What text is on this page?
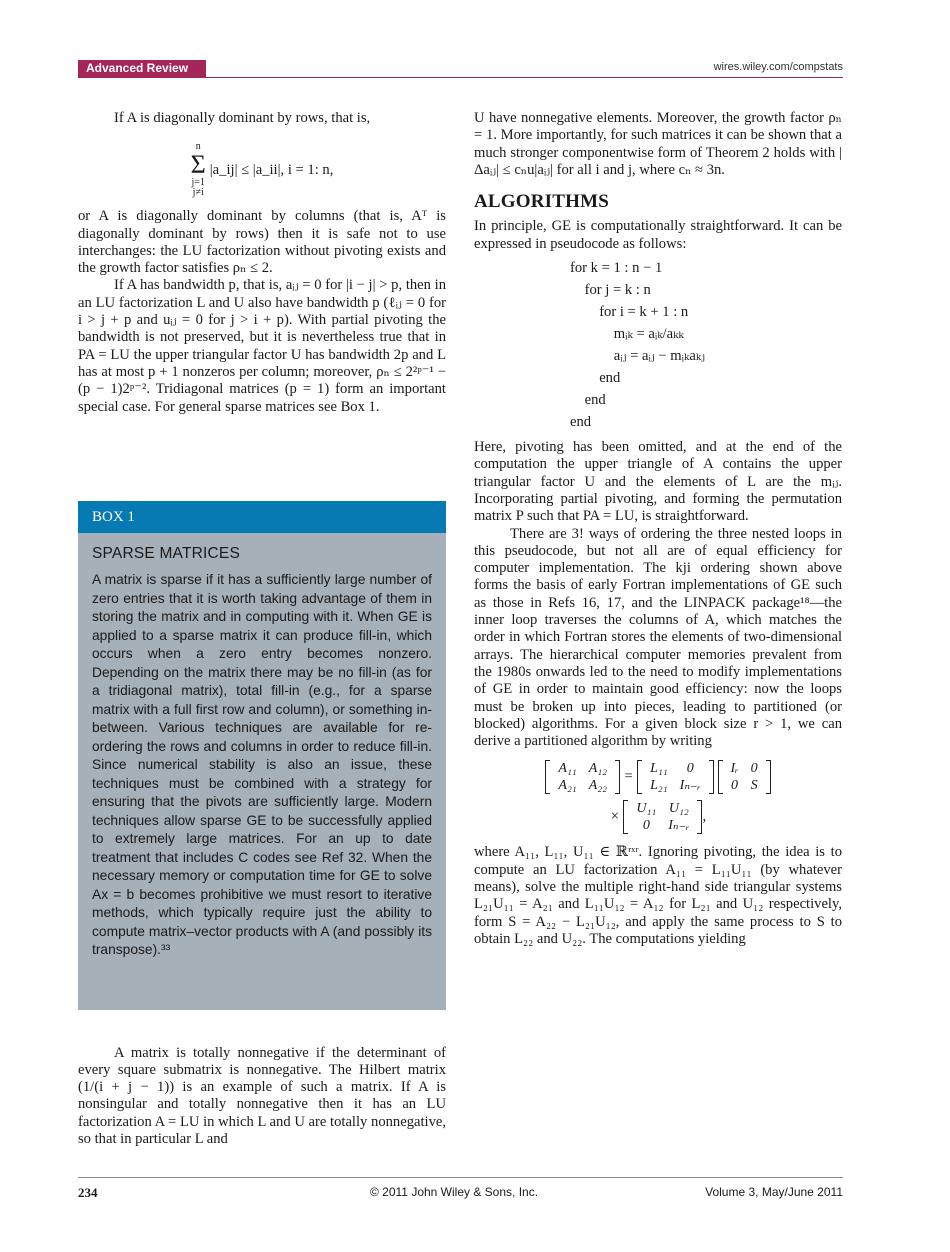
Advanced Review	wires.wiley.com/compstats

If A is diagonally dominant by rows, that is,

n
Σ
j=1
j≠i
|a_ij| ≤ |a_ii|, i = 1: n,

or A is diagonally dominant by columns (that is, Aᵀ is diagonally dominant by rows) then it is safe not to use interchanges: the LU factorization without pivoting exists and the growth factor satisfies ρₙ ≤ 2.

If A has bandwidth p, that is, aᵢⱼ = 0 for |i − j| > p, then in an LU factorization L and U also have bandwidth p (ℓᵢⱼ = 0 for i > j + p and uᵢⱼ = 0 for j > i + p). With partial pivoting the bandwidth is not preserved, but it is nevertheless true that in PA = LU the upper triangular factor U has bandwidth 2p and L has at most p + 1 nonzeros per column; moreover, ρₙ ≤ 2²ᵖ⁻¹ − (p − 1)2ᵖ⁻². Tridiagonal matrices (p = 1) form an important special case. For general sparse matrices see Box 1.

BOX 1
SPARSE MATRICES
A matrix is sparse if it has a sufficiently large number of zero entries that it is worth taking advantage of them in storing the matrix and in computing with it. When GE is applied to a sparse matrix it can produce fill-in, which occurs when a zero entry becomes nonzero. Depending on the matrix there may be no fill-in (as for a tridiagonal matrix), total fill-in (e.g., for a sparse matrix with a full first row and column), or something in-between. Various techniques are available for re-ordering the rows and columns in order to reduce fill-in. Since numerical stability is also an issue, these techniques must be combined with a strategy for ensuring that the pivots are sufficiently large. Modern techniques allow sparse GE to be successfully applied to extremely large matrices. For an up to date treatment that includes C codes see Ref 32. When the necessary memory or computation time for GE to solve Ax = b becomes prohibitive we must resort to iterative methods, which typically require just the ability to compute matrix–vector products with A (and possibly its transpose).³³

A matrix is totally nonnegative if the determinant of every square submatrix is nonnegative. The Hilbert matrix (1/(i + j − 1)) is an example of such a matrix. If A is nonsingular and totally nonnegative then it has an LU factorization A = LU in which L and U are totally nonnegative, so that in particular L and

U have nonnegative elements. Moreover, the growth factor ρₙ = 1. More importantly, for such matrices it can be shown that a much stronger componentwise form of Theorem 2 holds with |Δaᵢⱼ| ≤ cₙu|aᵢⱼ| for all i and j, where cₙ ≈ 3n.

ALGORITHMS

In principle, GE is computationally straightforward. It can be expressed in pseudocode as follows:

for k = 1 : n − 1
for j = k : n
for i = k + 1 : n
mᵢₖ = aᵢₖ/aₖₖ
aᵢⱼ = aᵢⱼ − mᵢₖaₖⱼ
end
end
end

Here, pivoting has been omitted, and at the end of the computation the upper triangle of A contains the upper triangular factor U and the elements of L are the mᵢⱼ. Incorporating partial pivoting, and forming the permutation matrix P such that PA = LU, is straightforward.

There are 3! ways of ordering the three nested loops in this pseudocode, but not all are of equal efficiency for computer implementation. The kji ordering shown above forms the basis of early Fortran implementations of GE such as those in Refs 16, 17, and the LINPACK package¹⁸—the inner loop traverses the columns of A, which matches the order in which Fortran stores the elements of two-dimensional arrays. The hierarchical computer memories prevalent from the 1980s onwards led to the need to modify implementations of GE in order to maintain good efficiency: now the loops must be broken up into pieces, leading to partitioned (or blocked) algorithms. For a given block size r > 1, we can derive a partitioned algorithm by writing

A₁₁	A₁₂
A₂₁	A₂₂
= L₁₁	0
L₂₁	Iₙ₋ᵣ

Iᵣ	0
0	S
× U₁₁	U₁₂
0	Iₙ₋ᵣ
,

where A₁₁, L₁₁, U₁₁ ∈ ℝʳˣʳ. Ignoring pivoting, the idea is to compute an LU factorization A₁₁ = L₁₁U₁₁ (by whatever means), solve the multiple right-hand side triangular systems L₂₁U₁₁ = A₂₁ and L₁₁U₁₂ = A₁₂ for L₂₁ and U₁₂ respectively, form S = A₂₂ − L₂₁U₁₂, and apply the same process to S to obtain L₂₂ and U₂₂. The computations yielding

234	© 2011 John Wiley & Sons, Inc.	Volume 3, May/June 2011
